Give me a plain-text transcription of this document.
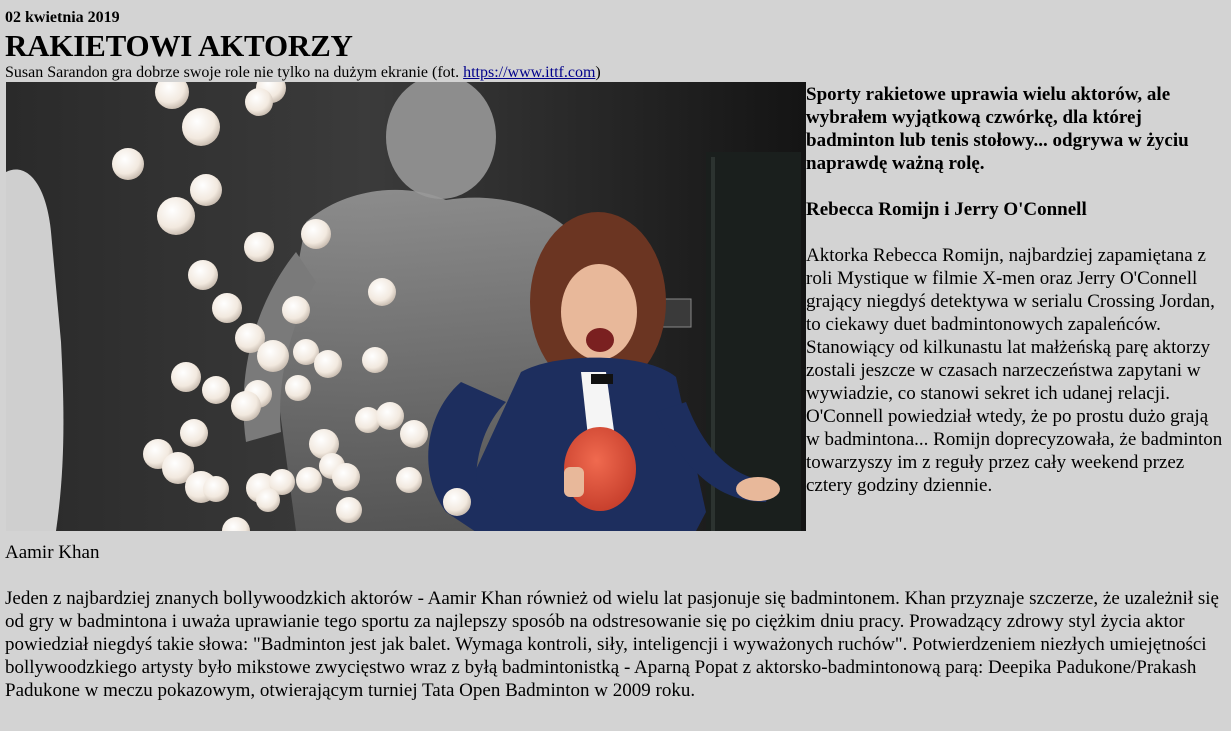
02 kwietnia 2019
RAKIETOWI AKTORZY
Susan Sarandon gra dobrze swoje role nie tylko na dużym ekranie (fot. https://www.ittf.com)

Sporty rakietowe uprawia wielu aktorów, ale wybrałem wyjątkową czwórkę, dla której badminton lub tenis stołowy... odgrywa w życiu naprawdę ważną rolę.

Rebecca Romijn i Jerry O'Connell

Aktorka Rebecca Romijn, najbardziej zapamiętana z roli Mystique w filmie X-men oraz Jerry O'Connell grający niegdyś detektywa w serialu Crossing Jordan, to ciekawy duet badmintonowych zapaleńców. Stanowiący od kilkunastu lat małżeńską parę aktorzy zostali jeszcze w czasach narzeczeństwa zapytani w wywiadzie, co stanowi sekret ich udanej relacji. O'Connell powiedział wtedy, że po prostu dużo grają w badmintona... Romijn doprecyzowała, że badminton towarzyszy im z reguły przez cały weekend przez cztery godziny dziennie.

Aamir Khan

Jeden z najbardziej znanych bollywoodzkich aktorów - Aamir Khan również od wielu lat pasjonuje się badmintonem. Khan przyznaje szczerze, że uzależnił się od gry w badmintona i uważa uprawianie tego sportu za najlepszy sposób na odstresowanie się po ciężkim dniu pracy. Prowadzący zdrowy styl życia aktor powiedział niegdyś takie słowa: "Badminton jest jak balet. Wymaga kontroli, siły, inteligencji i wyważonych ruchów". Potwierdzeniem niezłych umiejętności bollywoodzkiego artysty było mikstowe zwycięstwo wraz z byłą badmintonistką - Aparną Popat z aktorsko-badmintonową parą: Deepika Padukone/Prakash Padukone w meczu pokazowym, otwierającym turniej Tata Open Badminton w 2009 roku.
